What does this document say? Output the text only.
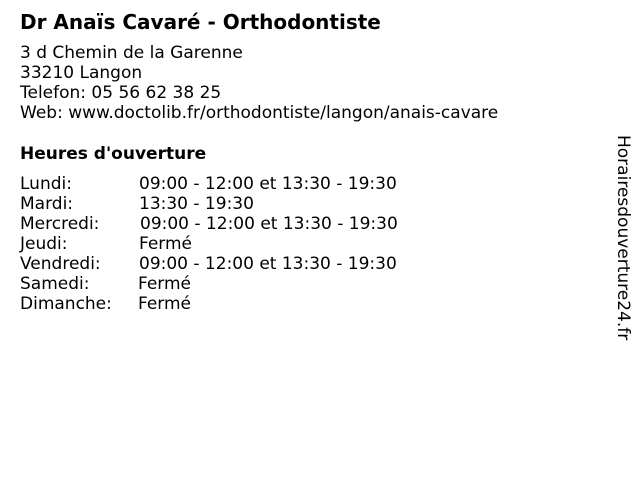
Dr Anaïs Cavaré - Orthodontiste
3 d Chemin de la Garenne
33210 Langon
Telefon: 05 56 62 38 25
Web: www.doctolib.fr/orthodontiste/langon/anais-cavare
Heures d'ouverture
Lundi:	09:00 - 12:00 et 13:30 - 19:30
Mardi:	13:30 - 19:30
Mercredi: 09:00 - 12:00 et 13:30 - 19:30
Jeudi:	Fermé
Vendredi: 09:00 - 12:00 et 13:30 - 19:30
Samedi:	Fermé
Dimanche: Fermé	Horairesdouverture24.fr
